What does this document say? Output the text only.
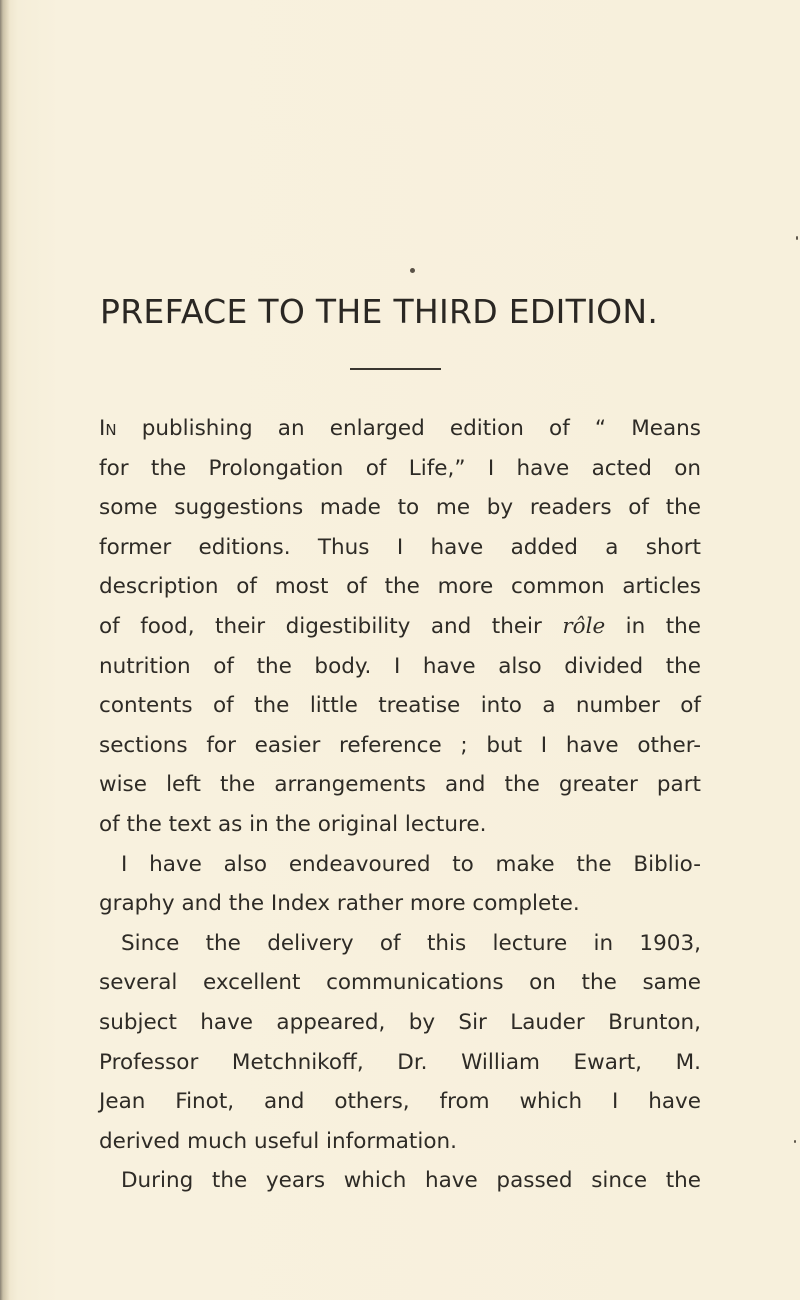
PREFACE TO THE THIRD EDITION.
In publishing an enlarged edition of “ Means
for the Prolongation of Life,” I have acted on
some suggestions made to me by readers of the
former editions. Thus I have added a short
description of most of the more common articles
of food, their digestibility and their rôle in the
nutrition of the body. I have also divided the
contents of the little treatise into a number of
sections for easier reference ; but I have other-
wise left the arrangements and the greater part
of the text as in the original lecture.
I have also endeavoured to make the Biblio-
graphy and the Index rather more complete.
Since the delivery of this lecture in 1903,
several excellent communications on the same
subject have appeared, by Sir Lauder Brunton,
Professor Metchnikoff, Dr. William Ewart, M.
Jean Finot, and others, from which I have
derived much useful information.
During the years which have passed since the
